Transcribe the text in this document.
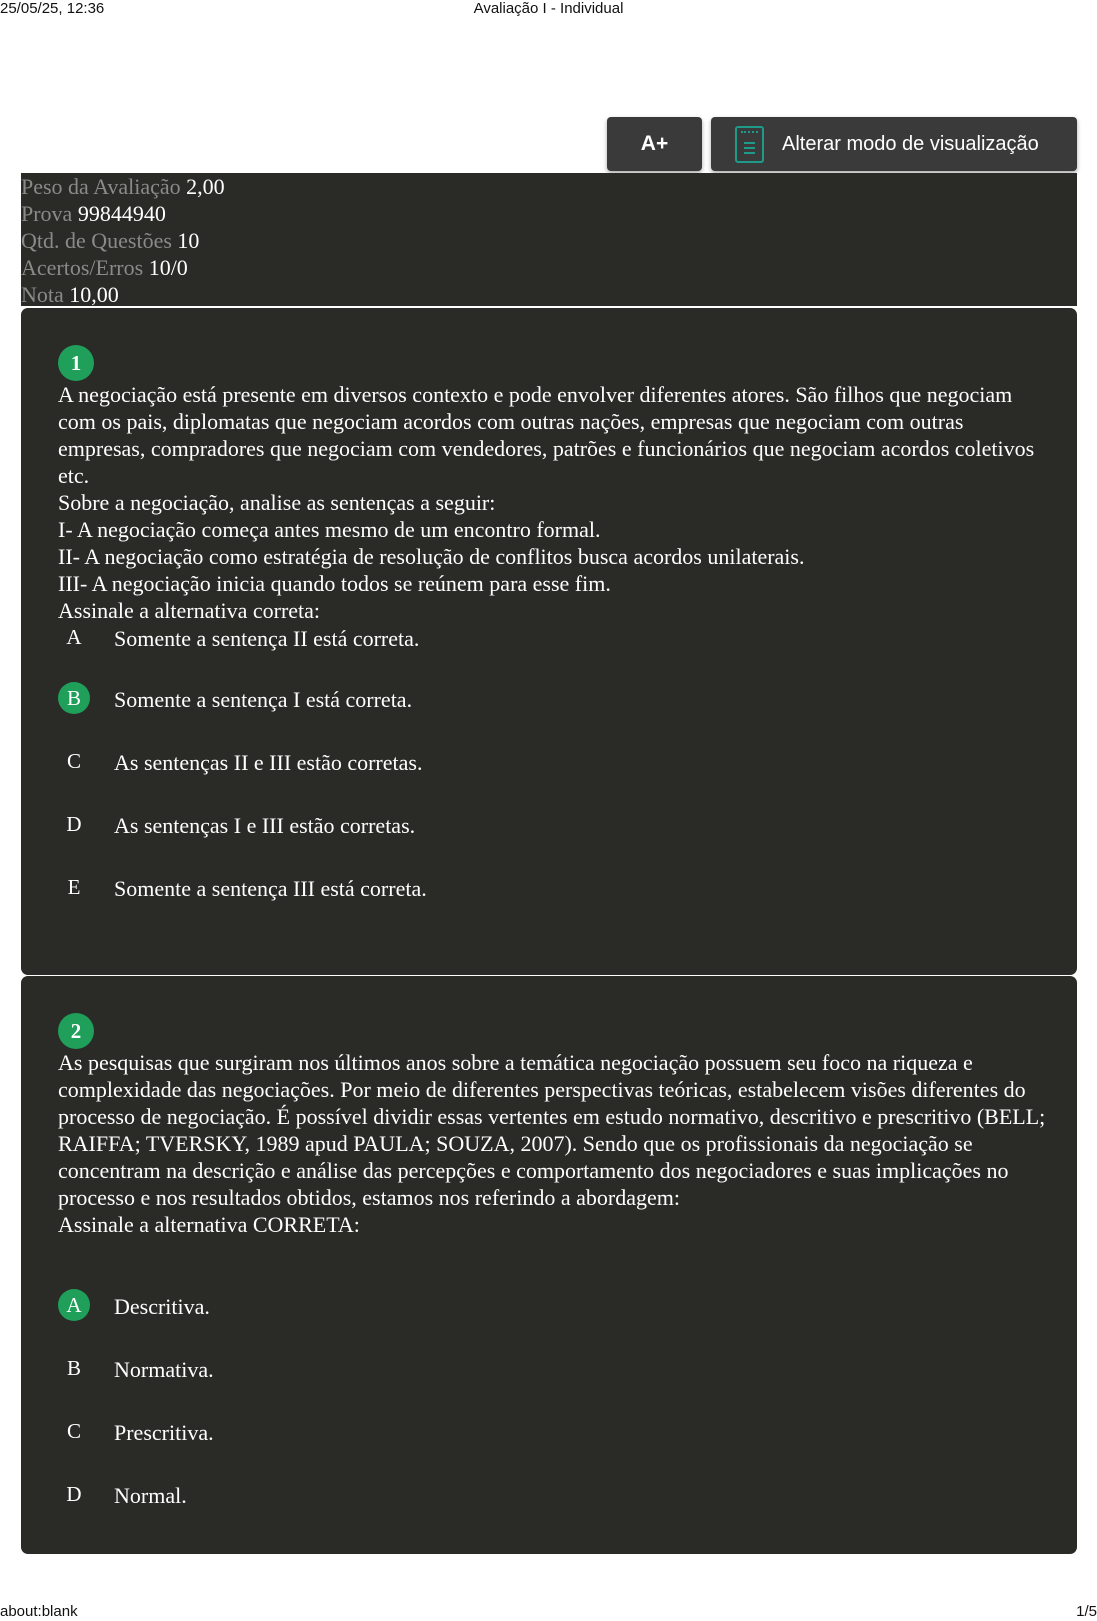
25/05/25, 12:36	Avaliação I - Individual
A+	Alterar modo de visualização
Peso da Avaliação 2,00
Prova 99844940
Qtd. de Questões 10
Acertos/Erros 10/0
Nota 10,00
1

A negociação está presente em diversos contexto e pode envolver diferentes atores. São filhos que negociam com os pais, diplomatas que negociam acordos com outras nações, empresas que negociam com outras empresas, compradores que negociam com vendedores, patrões e funcionários que negociam acordos coletivos etc.

Sobre a negociação, analise as sentenças a seguir:

I- A negociação começa antes mesmo de um encontro formal.

II- A negociação como estratégia de resolução de conflitos busca acordos unilaterais.

III- A negociação inicia quando todos se reúnem para esse fim.

Assinale a alternativa correta:

A	Somente a sentença II está correta.
B	Somente a sentença I está correta.
C	As sentenças II e III estão corretas.
D	As sentenças I e III estão corretas.
E	Somente a sentença III está correta.
2

As pesquisas que surgiram nos últimos anos sobre a temática negociação possuem seu foco na riqueza e complexidade das negociações. Por meio de diferentes perspectivas teóricas, estabelecem visões diferentes do processo de negociação. É possível dividir essas vertentes em estudo normativo, descritivo e prescritivo (BELL; RAIFFA; TVERSKY, 1989 apud PAULA; SOUZA, 2007). Sendo que os profissionais da negociação se concentram na descrição e análise das percepções e comportamento dos negociadores e suas implicações no processo e nos resultados obtidos, estamos nos referindo a abordagem:

Assinale a alternativa CORRETA:

A	Descritiva.
B	Normativa.
C	Prescritiva.
D	Normal.
about:blank	1/5
